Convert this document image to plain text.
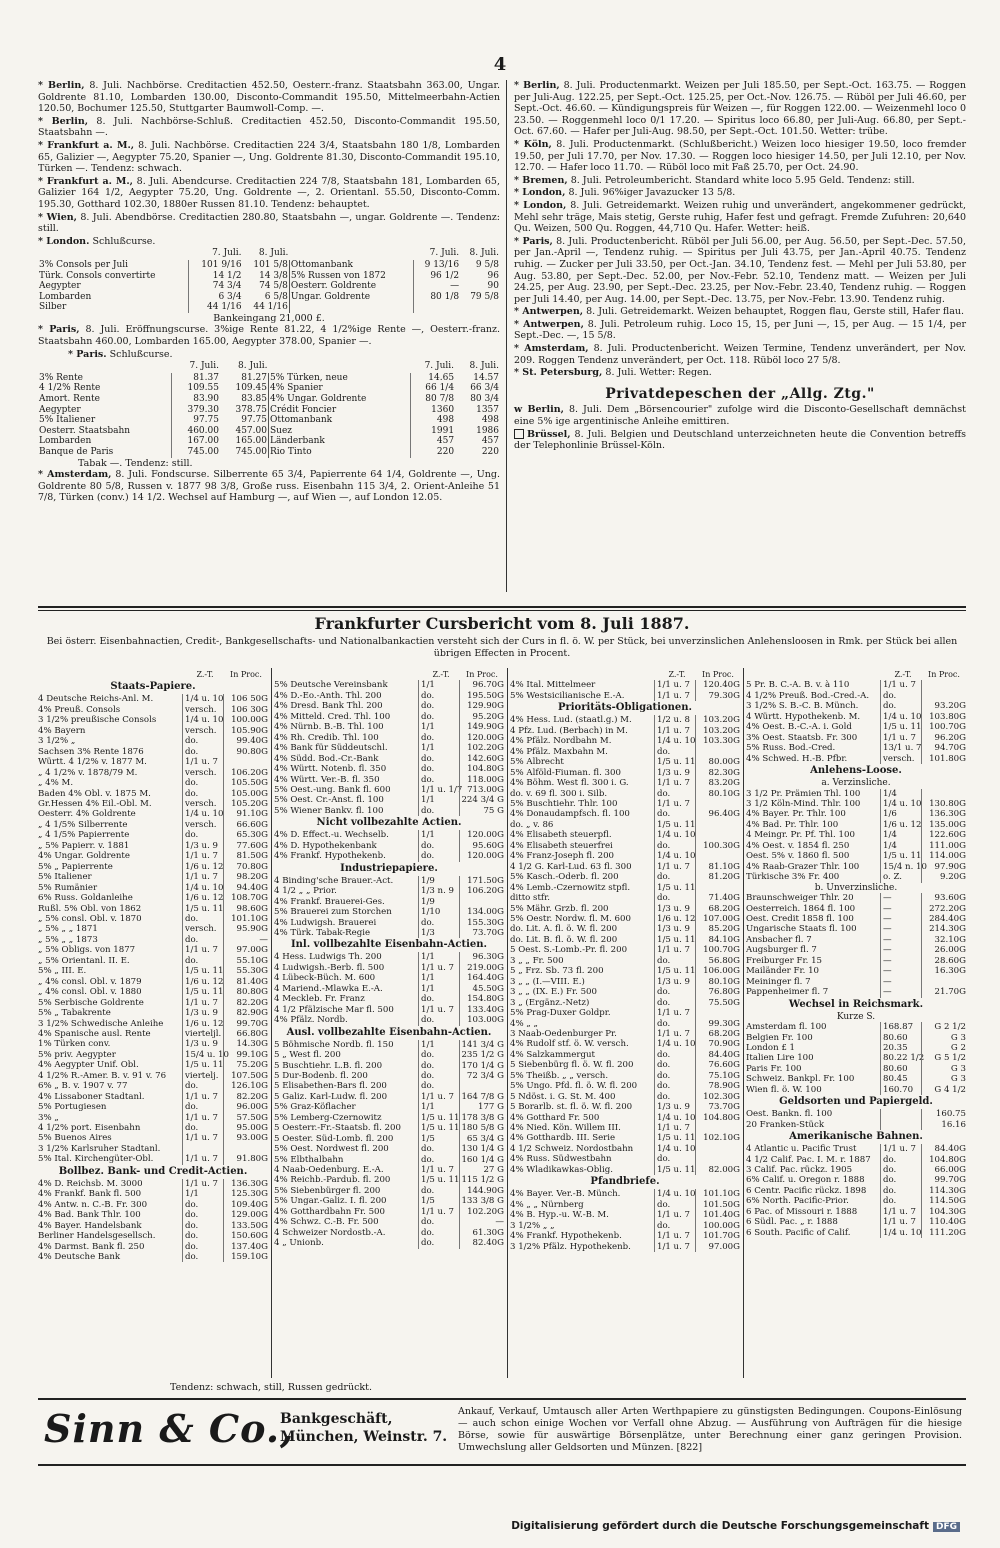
4

* Berlin, 8. Juli. Nachbörse. Creditactien 452.50, Oesterr.-franz. Staatsbahn 363.00, Ungar. Goldrente 81.10, Lombarden 130.00, Disconto-Commandit 195.50, Mittelmeerbahn-Actien 120.50, Bochumer 125.50, Stuttgarter Baumwoll-Comp. —.

* Berlin, 8. Juli. Nachbörse-Schluß. Creditactien 452.50, Disconto-Commandit 195.50, Staatsbahn —.

* Frankfurt a. M., 8. Juli. Nachbörse. Creditactien 224 3/4, Staatsbahn 180 1/8, Lombarden 65, Galizier —, Aegypter 75.20, Spanier —, Ung. Goldrente 81.30, Disconto-Commandit 195.10, Türken —. Tendenz: schwach.

* Frankfurt a. M., 8. Juli. Abendcurse. Creditactien 224 7/8, Staatsbahn 181, Lombarden 65, Galizier 164 1/2, Aegypter 75.20, Ung. Goldrente —, 2. Orientanl. 55.50, Disconto-Comm. 195.30, Gotthard 102.30, 1880er Russen 81.10. Tendenz: behauptet.

* Wien, 8. Juli. Abendbörse. Creditactien 280.80, Staatsbahn —, ungar. Goldrente —. Tendenz: still.

* London. Schlußcurse.

	7. Juli.	8. Juli.		7. Juli.	8. Juli.
3% Consols per Juli	101 9/16	101 5/8	Ottomanbank	9 13/16	9 5/8
Türk. Consols convertirte	14 1/2	14 3/8	5% Russen von 1872	96 1/2	96
Aegypter	74 3/4	74 5/8	Oesterr. Goldrente	—	90
Lombarden	6 3/4	6 5/8	Ungar. Goldrente	80 1/8	79 5/8
Silber	44 1/16	44 1/16			
Bankeingang 21,000 £.

* Paris, 8. Juli. Eröffnungscurse. 3%ige Rente 81.22, 4 1/2%ige Rente —, Oesterr.-franz. Staatsbahn 460.00, Lombarden 165.00, Aegypter 378.00, Spanier —.

* Paris. Schlußcurse.

	7. Juli.	8. Juli.		7. Juli.	8. Juli.
3% Rente	81.37	81.27	5% Türken, neue	14.65	14.57
4 1/2% Rente	109.55	109.45	4% Spanier	66 1/4	66 3/4
Amort. Rente	83.90	83.85	4% Ungar. Goldrente	80 7/8	80 3/4
Aegypter	379.30	378.75	Crédit Foncier	1360	1357
5% Italiener	97.75	97.75	Ottomanbank	498	498
Oesterr. Staatsbahn	460.00	457.00	Suez	1991	1986
Lombarden	167.00	165.00	Länderbank	457	457
Banque de Paris	745.00	745.00	Rio Tinto	220	220
Tabak —. Tendenz: still.

* Amsterdam, 8. Juli. Fondscurse. Silberrente 65 3/4, Papierrente 64 1/4, Goldrente —, Ung. Goldrente 80 5/8, Russen v. 1877 98 3/8, Große russ. Eisenbahn 115 3/4, 2. Orient-Anleihe 51 7/8, Türken (conv.) 14 1/2. Wechsel auf Hamburg —, auf Wien —, auf London 12.05.

* Berlin, 8. Juli. Productenmarkt. Weizen per Juli 185.50, per Sept.-Oct. 163.75. — Roggen per Juli-Aug. 122.25, per Sept.-Oct. 125.25, per Oct.-Nov. 126.75. — Rüböl per Juli 46.60, per Sept.-Oct. 46.60. — Kündigungspreis für Weizen —, für Roggen 122.00. — Weizenmehl loco 0 23.50. — Roggenmehl loco 0/1 17.20. — Spiritus loco 66.80, per Juli-Aug. 66.80, per Sept.-Oct. 67.60. — Hafer per Juli-Aug. 98.50, per Sept.-Oct. 101.50. Wetter: trübe.

* Köln, 8. Juli. Productenmarkt. (Schlußbericht.) Weizen loco hiesiger 19.50, loco fremder 19.50, per Juli 17.70, per Nov. 17.30. — Roggen loco hiesiger 14.50, per Juli 12.10, per Nov. 12.70. — Hafer loco 11.70. — Rüböl loco mit Faß 25.70, per Oct. 24.90.

* Bremen, 8. Juli. Petroleumbericht. Standard white loco 5.95 Geld. Tendenz: still.

* London, 8. Juli. 96%iger Javazucker 13 5/8.

* London, 8. Juli. Getreidemarkt. Weizen ruhig und unverändert, angekommener gedrückt, Mehl sehr träge, Mais stetig, Gerste ruhig, Hafer fest und gefragt. Fremde Zufuhren: 20,640 Qu. Weizen, 500 Qu. Roggen, 44,710 Qu. Hafer. Wetter: heiß.

* Paris, 8. Juli. Productenbericht. Rüböl per Juli 56.00, per Aug. 56.50, per Sept.-Dec. 57.50, per Jan.-April —, Tendenz ruhig. — Spiritus per Juli 43.75, per Jan.-April 40.75. Tendenz ruhig. — Zucker per Juli 33.50, per Oct.-Jan. 34.10, Tendenz fest. — Mehl per Juli 53.80, per Aug. 53.80, per Sept.-Dec. 52.00, per Nov.-Febr. 52.10, Tendenz matt. — Weizen per Juli 24.25, per Aug. 23.90, per Sept.-Dec. 23.25, per Nov.-Febr. 23.40, Tendenz ruhig. — Roggen per Juli 14.40, per Aug. 14.00, per Sept.-Dec. 13.75, per Nov.-Febr. 13.90. Tendenz ruhig.

* Antwerpen, 8. Juli. Getreidemarkt. Weizen behauptet, Roggen flau, Gerste still, Hafer flau.

* Antwerpen, 8. Juli. Petroleum ruhig. Loco 15, 15, per Juni —, 15, per Aug. — 15 1/4, per Sept.-Dec. —, 15 5/8.

* Amsterdam, 8. Juli. Productenbericht. Weizen Termine, Tendenz unverändert, per Nov. 209. Roggen Tendenz unverändert, per Oct. 118. Rüböl loco 27 5/8.

* St. Petersburg, 8. Juli. Wetter: Regen.

Privatdepeschen der „Allg. Ztg."

w Berlin, 8. Juli. Dem „Börsencourier" zufolge wird die Disconto-Gesellschaft demnächst eine 5% ige argentinische Anleihe emittiren.

Brüssel, 8. Juli. Belgien und Deutschland unterzeichneten heute die Convention betreffs der Telephonlinie Brüssel-Köln.

Frankfurter Cursbericht vom 8. Juli 1887.
Bei österr. Eisenbahnactien, Credit-, Bankgesellschafts- und Nationalbankactien versteht sich der Curs in fl. ö. W. per Stück, bei unverzinslichen Anlehensloosen in Rmk. per Stück bei allen übrigen Effecten in Procent.
Z.-T.	In Proc.
Staats-Papiere.
4 Deutsche Reichs-Anl. M.	1/4 u. 10 106 50G
4% Preuß. Consols	versch.	106 30G
3 1/2% preußische Consols	1/4 u. 10 100.00G
4% Bayern	versch.	105.90G
3 1/2% „	do.	99.40G
Sachsen 3% Rente 1876	do.	90.80G
Württ. 4 1/2% v. 1877 M.	1/1 u. 7
„ 4 1/2% v. 1878/79 M.	versch.	106.20G
„ 4% M.	do.	105.50G
Baden 4% Obl. v. 1875 M.	do.	105.00G
Gr.Hessen 4% Eil.-Obl. M.	versch.	105.20G
Oesterr. 4% Goldrente	1/4 u. 10	91.10G
„ 4 1/5% Silberrente	versch.	66.60G
„ 4 1/5% Papierrente	do.	65.30G
„ 5% Papierr. v. 1881	1/3 u. 9	77.60G
4% Ungar. Goldrente	1/1 u. 7	81.50G
5% „ Papierrente	1/6 u. 12	70.80G
5% Italiener	1/1 u. 7	98.20G
5% Rumänier	1/4 u. 10	94.40G
6% Russ. Goldanleihe	1/6 u. 12 108.70G
Rußl. 5% Obl. von 1862	1/5 u. 11	98.60G
„ 5% consl. Obl. v. 1870	do.	101.10G
„ 5% „ „ 1871	versch.	95.90G
„ 5% „ „ 1873	do.	—
„ 5% Obligs. von 1877	1/1 u. 7	97.00G
„ 5% Orientanl. II. E.	do.	55.10G
5% „ III. E.	1/5 u. 11	55.30G
„ 4% consl. Obl. v. 1879	1/6 u. 12	81.40G
„ 4% consl. Obl. v. 1880	1/5 u. 11	80.80G
5% Serbische Goldrente	1/1 u. 7	82.20G
5% „ Tabakrente	1/3 u. 9	82.90G
3 1/2% Schwedische Anleihe	1/6 u. 12	99.70G
4% Spanische ausl. Rente	vierteljl.	66.80G
1% Türken conv.	1/3 u. 9	14.30G
5% priv. Aegypter	15/4 u. 10 99.10G
4% Aegypter Unif. Obl.	1/5 u. 11	75.20G
4 1/2% R.-Amer. B. v. 91 v. 76	viertelj.	107.50G
6% „ B. v. 1907 v. 77	do.	126.10G
4% Lissaboner Stadtanl.	1/1 u. 7	82.20G
5% Portugiesen	do.	96.00G
3% „	1/1 u. 7	57.50G
4 1/2% port. Eisenbahn	do.	95.00G
5% Buenos Aires	1/1 u. 7	93.00G
3 1/2% Karlsruher Stadtanl.
5% Ital. Kirchengüter-Obl.	1/1 u. 7	91.80G
Bollbez. Bank- und Credit-Actien.
4% D. Reichsb. M. 3000	1/1 u. 7	136.30G
4% Frankf. Bank fl. 500	1/1	125.30G
4% Antw. n. C.-B. Fr. 300	do.	109.40G
4% Bad. Bank Thlr. 100	do.	129.00G
4% Bayer. Handelsbank	do.	133.50G
Berliner Handelsgesellsch.	do.	150.60G
4% Darmst. Bank fl. 250	do.	137.40G
4% Deutsche Bank	do.	159.10G
Z.-T.	In Proc.
5% Deutsche Vereinsbank	1/1	96.70G
4% D.-Eo.-Anth. Thl. 200	do.	195.50G
4% Dresd. Bank Thl. 200	do.	129.90G
4% Mitteld. Cred. Thl. 100	do.	95.20G
4% Nürnb. B.-B. Thl. 100	1/1	149.90G
4% Rh. Credib. Thl. 100	do.	120.00G
4% Bank für Süddeutschl.	1/1	102.20G
4% Südd. Bod.-Cr.-Bank	do.	142.60G
4% Württ. Notenb. fl. 350	do.	104.80G
4% Württ. Ver.-B. fl. 350	do.	118.00G
5% Oest.-ung. Bank fl. 600	1/1 u. 1/7 713.00G
5% Oest. Cr.-Anst. fl. 100	1/1	224 3/4 G
5% Wiener Bankv. fl. 100	do.	75 G
Nicht vollbezahlte Actien.
4% D. Effect.-u. Wechselb.	1/1	120.00G
4% D. Hypothekenbank	do.	95.60G
4% Frankf. Hypothekenb.	do.	120.00G
Industriepapiere.
4 Binding'sche Brauer.-Act.	1/9	171.50G
4 1/2 „ „ Prior.	1/3 n. 9	106.20G
4% Frankf. Brauerei-Ges.	1/9
5% Brauerei zum Storchen	1/10	134.00G
4% Ludwigsh. Brauerei	do.	155.30G
4% Türk. Tabak-Regie	1/3	73.70G
Inl. vollbezahlte Eisenbahn-Actien.
4 Hess. Ludwigs Th. 200	1/1	96.30G
4 Ludwigsh.-Berb. fl. 500	1/1 u. 7	219.00G
4 Lübeck-Büch. M. 600	1/1	164.40G
4 Mariend.-Mlawka E.-A.	1/1	45.50G
4 Meckleb. Fr. Franz	do.	154.80G
4 1/2 Pfälzische Mar fl. 500	1/1 u. 7	133.40G
4% Pfälz. Nordb.	do.	103.00G
Ausl. vollbezahlte Eisenbahn-Actien.
5 Böhmische Nordb. fl. 150	1/1	141 3/4 G
5 „ West fl. 200	do.	235 1/2 G
5 Buschtiehr. L.B. fl. 200	do.	170 1/4 G
5 Dur-Bodenb. fl. 200	do.	72 3/4 G
5 Elisabethen-Bars fl. 200	do.
5 Galiz. Karl-Ludw. fl. 200	1/1 u. 7 164 7/8 G
5% Graz-Köflacher	1/1	177 G
5% Lemberg-Czernowitz	1/5 u. 11 178 3/8 G
5 Oesterr.-Fr.-Staatsb. fl. 200	1/5 u. 11 180 5/8 G
5 Oester. Süd-Lomb. fl. 200	1/5	65 3/4 G
5% Oest. Nordwest fl. 200	do.	130 1/4 G
5% Elbthalbahn	do.	160 1/4 G
4 Naab-Oedenburg. E.-A.	1/1 u. 7	27 G
4% Reichb.-Pardub. fl. 200	1/5 u. 11 115 1/2 G
5% Siebenbürger fl. 200	do.	144.90G
5% Ungar.-Galiz. I. fl. 200	1/5	133 3/8 G
4% Gotthardbahn Fr. 500	1/1 u. 7	102.20G
4% Schwz. C.-B. Fr. 500	do.	—
4 Schweizer Nordostb.-A.	do.	61.30G
4 „ Unionb.	do.	82.40G
Z.-T.	In Proc.
4% Ital. Mittelmeer	1/1 u. 7	120.40G
5% Westsicilianische E.-A.	1/1 u. 7	79.30G
Prioritäts-Obligationen.
4% Hess. Lud. (staatl.g.) M.	1/2 u. 8	103.20G
4 Pfz. Lud. (Berbach) in M.	1/1 u. 7	103.20G
4% Pfälz. Nordbahn M.	1/4 u. 10 103.30G
4% Pfälz. Maxbahn M.	do.
5% Albrecht	1/5 u. 11	80.00G
5% Alföld-Fiuman. fl. 300	1/3 u. 9	82.30G
4% Böhm. West fl. 300 i. G.	1/1 u. 7	83.20G
do. v. 69 fl. 300 i. Silb.	do.	80.10G
5% Buschtiehr. Thlr. 100	1/1 u. 7
4% Donaudampfsch. fl. 100	do.	96.40G
do. „ v. 86	1/5 u. 11
4% Elisabeth steuerpfl.	1/4 u. 10
4% Elisabeth steuerfrei	do.	100.30G
4% Franz-Joseph fl. 200	1/4 u. 10
4 1/2 G. Karl-Lud. 63 fl. 300	1/1 u. 7	81.10G
5% Kasch.-Oderb. fl. 200	do.	81.20G
4% Lemb.-Czernowitz stpfl.	1/5 u. 11
ditto stfr.	do.	71.40G
5% Mähr. Grzb. fl. 200	1/3 u. 9	68.20G
5% Oestr. Nordw. fl. M. 600	1/6 u. 12 107.00G
do. Lit. A. fl. ö. W. fl. 200	1/3 u. 9	85.20G
do. Lit. B. fl. ö. W. fl. 200	1/5 u. 11	84.10G
5 Oest. S.-Lomb.-Pr. fl. 200	1/1 u. 7	100.70G
3 „ „ Fr. 500	do.	56.80G
5 „ Frz. Sb. 73 fl. 200	1/5 u. 11 106.00G
3 „ „ (I.—VIII. E.)	1/3 u. 9	80.10G
3 „ „ (IX. E.) Fr. 500	do.	76.80G
3 „ (Ergänz.-Netz)	do.	75.50G
5% Prag-Duxer Goldpr.	1/1 u. 7
4% „ „	do.	99.30G
3 Naab-Oedenburger Pr.	1/1 u. 7	68.20G
4% Rudolf stf. ö. W. versch.	1/4 u. 10	70.90G
4% Salzkammergut	do.	84.40G
5 Siebenbürg fl. ö. W. fl. 200	do.	76.60G
5% Theißb. „ „ versch.	do.	75.10G
5% Ungo. Pfd. fl. ö. W. fl. 200	do.	78.90G
5 Ndöst. i. G. St. M. 400	do.	102.30G
5 Borarlb. st. fl. ö. W. fl. 200	1/3 u. 9	73.70G
4% Gotthard Fr. 500	1/4 u. 10 104.80G
4% Nied. Kön. Willem III.	1/1 u. 7
4% Gotthardb. III. Serie	1/5 u. 11 102.10G
4 1/2 Schweiz. Nordostbahn	1/4 u. 10
4% Russ. Südwestbahn	do.
4% Wladikawkas-Oblig.	1/5 u. 11	82.00G
Pfandbriefe.
4% Bayer. Ver.-B. Münch.	1/4 u. 10 101.10G
4% „ „ Nürnberg	do.	101.50G
4% B. Hyp.-u. W.-B. M.	1/1 u. 7	101.40G
3 1/2% „ „	do.	100.00G
4% Frankf. Hypothekenb.	1/1 u. 7	101.70G
3 1/2% Pfälz. Hypothekenb.	1/1 u. 7	97.00G
Z.-T.	In Proc.
5 Pr. B. C.-A. B. v. à 110	1/1 u. 7
4 1/2% Preuß. Bod.-Cred.-A.	do.
3 1/2% S. B.-C. B. Münch.	do.	93.20G
4 Württ. Hypothekenb. M.	1/4 u. 10 103.80G
4% Oest. B.-C.-A. i. Gold	1/5 u. 11 100.70G
3% Oest. Staatsb. Fr. 300	1/1 u. 7	96.20G
5% Russ. Bod.-Cred.	13/1 u. 7	94.70G
4% Schwed. H.-B. Pfbr.	versch.	101.80G
Anlehens-Loose.
a. Verzinsliche.
3 1/2 Pr. Prämien Thl. 100	1/4
3 1/2 Köln-Mind. Thlr. 100	1/4 u. 10 130.80G
4% Bayer. Pr. Thlr. 100	1/6	136.30G
4% Bad. Pr. Thlr. 100	1/6 u. 12 135.00G
4 Meingr. Pr. Pf. Thl. 100	1/4	122.60G
4% Oest. v. 1854 fl. 250	1/4	111.00G
Oest. 5% v. 1860 fl. 500	1/5 u. 11 114.00G
4% Raab-Grazer Thlr. 100	15/4 n. 10 97.90G
Türkische 3% Fr. 400	o. Z.	9.20G
b. Unverzinsliche.
Braunschweiger Thlr. 20	—	93.60G
Oesterreich. 1864 fl. 100	—	272.20G
Oest. Credit 1858 fl. 100	—	284.40G
Ungarische Staats fl. 100	—	214.30G
Ansbacher fl. 7	—	32.10G
Augsburger fl. 7	—	26.00G
Freiburger Fr. 15	—	28.60G
Mailänder Fr. 10	—	16.30G
Meininger fl. 7	—
Pappenheimer fl. 7	—	21.70G
Wechsel in Reichsmark.
Kurze S.
Amsterdam fl. 100	168.87	G 2 1/2
Belgien Fr. 100	80.60	G 3
London £ 1	20.35	G 2
Italien Lire 100	80.22 1/2	G 5 1/2
Paris Fr. 100	80.60	G 3
Schweiz. Bankpl. Fr. 100	80.45	G 3
Wien fl. ö. W. 100	160.70	G 4 1/2
Geldsorten und Papiergeld.
Oest. Bankn. fl. 100	160.75
20 Franken-Stück	16.16
Amerikanische Bahnen.
4 Atlantic u. Pacific Trust	1/1 u. 7	84.40G
4 1/2 Calif. Pac. I. M. r. 1887	do.	104.80G
3 Calif. Pac. rückz. 1905	do.	66.00G
6% Calif. u. Oregon r. 1888	do.	99.70G
6 Centr. Pacific rückz. 1898	do.	114.30G
6% North. Pacific-Prior.	do.	114.50G
6 Pac. of Missouri r. 1888	1/1 u. 7	104.30G
6 Südl. Pac. „ r. 1888	1/1 u. 7	110.40G
6 South. Pacific of Calif.	1/4 u. 10 111.20G
Tendenz: schwach, still, Russen gedrückt.
Sinn & Co.,
Bankgeschäft,
München, Weinstr. 7.
Ankauf, Verkauf, Umtausch aller Arten Werthpapiere zu günstigsten Bedingungen. Coupons-Einlösung — auch schon einige Wochen vor Verfall ohne Abzug. — Ausführung von Aufträgen für die hiesige Börse, sowie für auswärtige Börsenplätze, unter Berechnung einer ganz geringen Provision. Umwechslung aller Geldsorten und Münzen. [822]
Digitalisierung gefördert durch die Deutsche Forschungsgemeinschaft DFG
